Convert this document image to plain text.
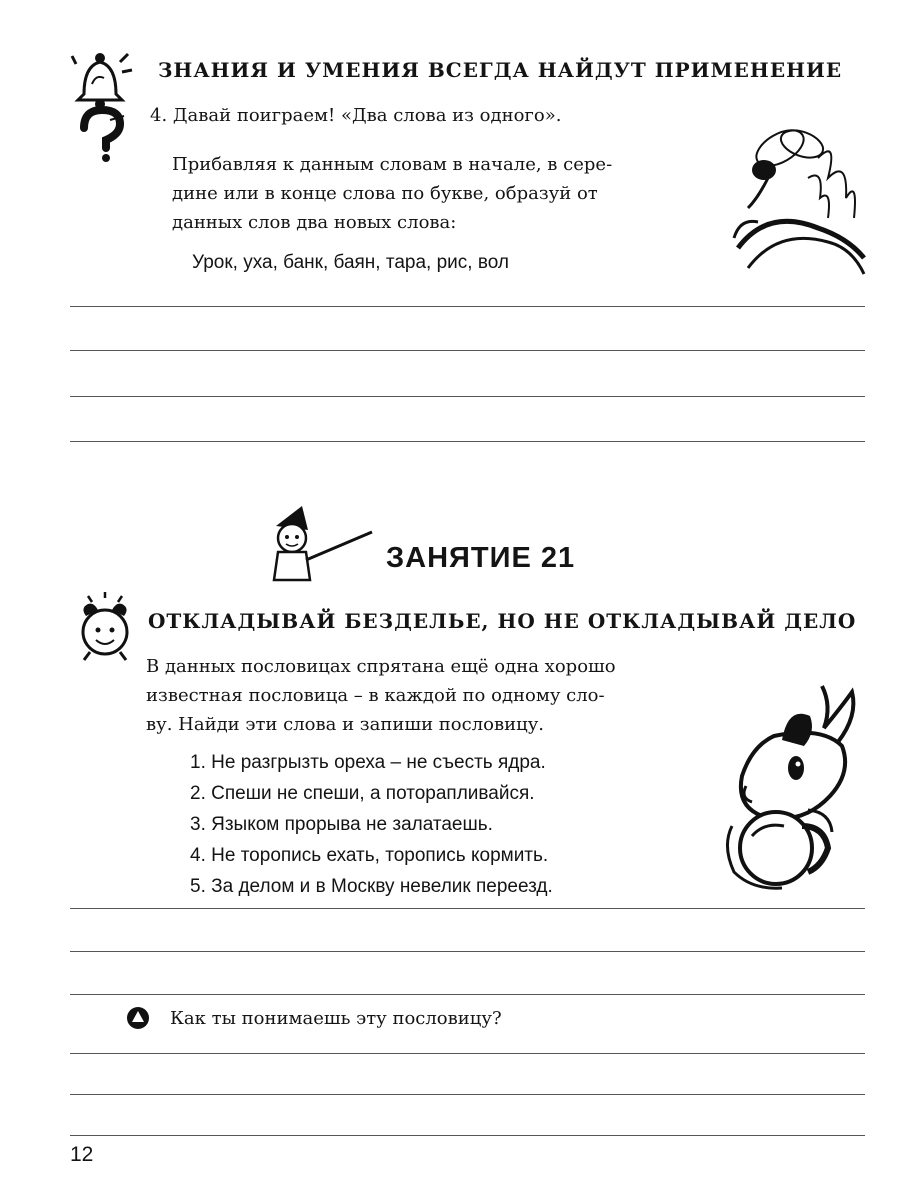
ЗНАНИЯ И УМЕНИЯ ВСЕГДА НАЙДУТ ПРИМЕНЕНИЕ
4. Давай поиграем! «Два слова из одного».
Прибавляя к данным словам в начале, в сере-
дине или в конце слова по букве, образуй от
данных слов два новых слова:
Урок, уха, банк, баян, тара, рис, вол
ЗАНЯТИЕ 21
ОТКЛАДЫВАЙ БЕЗДЕЛЬЕ, НО НЕ ОТКЛАДЫВАЙ ДЕЛО
В данных пословицах спрятана ещё одна хорошо
известная пословица – в каждой по одному сло-
ву. Найди эти слова и запиши пословицу.
1. Не разгрызть ореха – не съесть ядра.
2. Спеши не спеши, а поторапливайся.
3. Языком прорыва не залатаешь.
4. Не торопись ехать, торопись кормить.
5. За делом и в Москву невелик переезд.
Как ты понимаешь эту пословицу?
12
